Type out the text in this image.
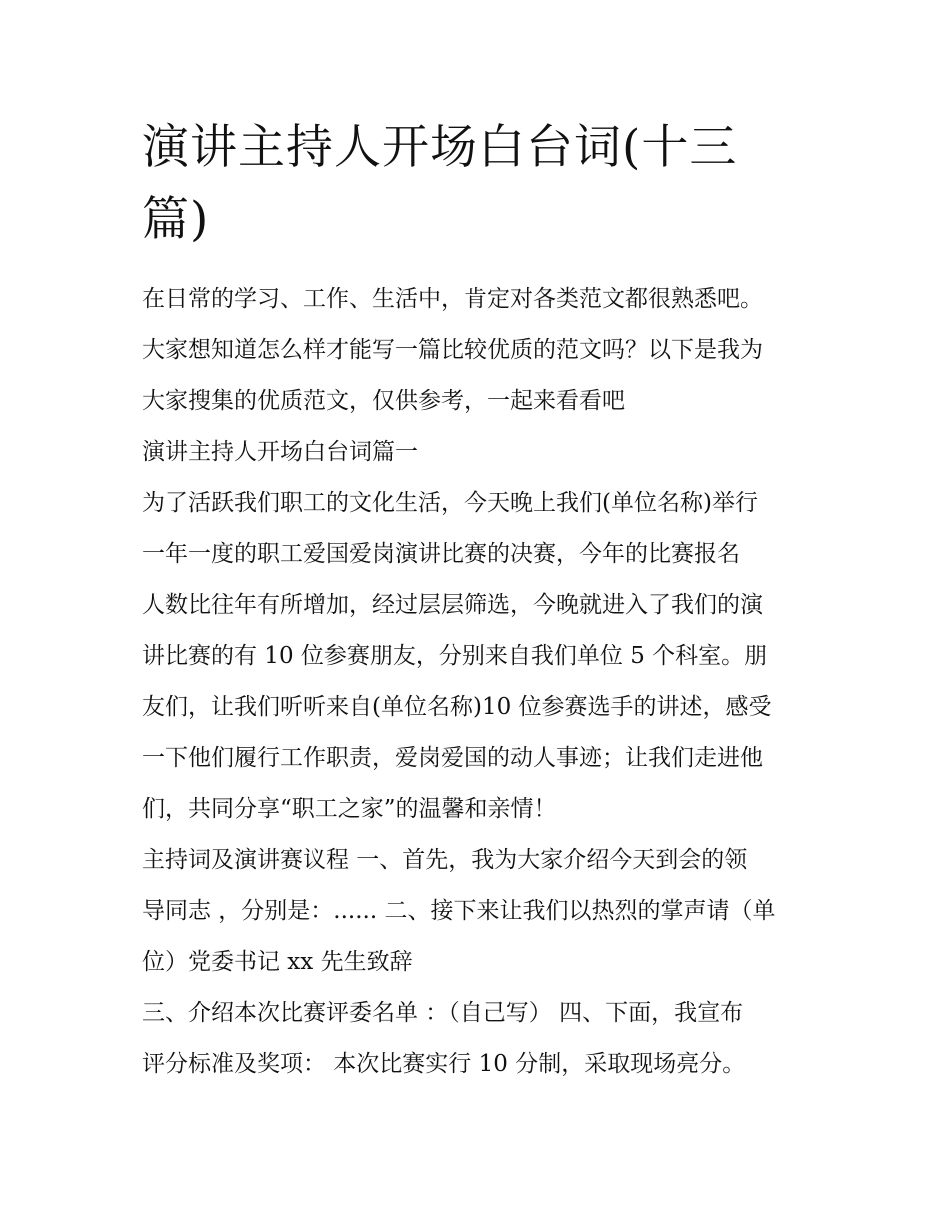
演讲主持人开场白台词(十三
篇)
在日常的学习、工作、生活中，肯定对各类范文都很熟悉吧。
大家想知道怎么样才能写一篇比较优质的范文吗？以下是我为
大家搜集的优质范文，仅供参考，一起来看看吧
演讲主持人开场白台词篇一
为了活跃我们职工的文化生活，今天晚上我们(单位名称)举行
一年一度的职工爱国爱岗演讲比赛的决赛，今年的比赛报名
人数比往年有所增加，经过层层筛选，今晚就进入了我们的演
讲比赛的有 10 位参赛朋友，分别来自我们单位 5 个科室。朋
友们，让我们听听来自(单位名称)10 位参赛选手的讲述，感受
一下他们履行工作职责，爱岗爱国的动人事迹；让我们走进他
们，共同分享“职工之家”的温馨和亲情！
主持词及演讲赛议程 一、首先，我为大家介绍今天到会的领
导同志 ，分别是：...... 二、接下来让我们以热烈的掌声请（单
位）党委书记 xx 先生致辞
三、介绍本次比赛评委名单 ：（自己写） 四、下面，我宣布
评分标准及奖项： 本次比赛实行 10 分制，采取现场亮分。
